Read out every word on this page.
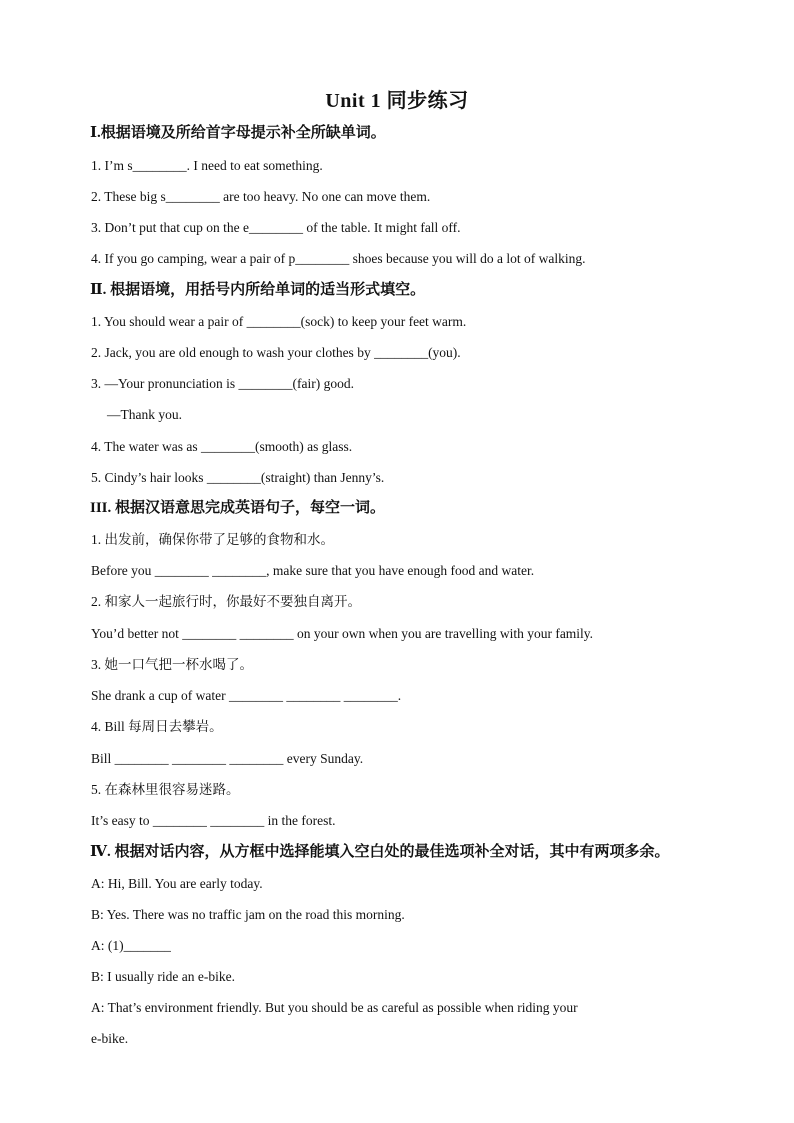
Unit 1 同步练习
Ⅰ.根据语境及所给首字母提示补全所缺单词。
1. I’m s________. I need to eat something.
2. These big s________ are too heavy. No one can move them.
3. Don’t put that cup on the e________ of the table. It might fall off.
4. If you go camping, wear a pair of p________ shoes because you will do a lot of walking.
Ⅱ. 根据语境，用括号内所给单词的适当形式填空。
1. You should wear a pair of ________(sock) to keep your feet warm.
2. Jack, you are old enough to wash your clothes by ________(you).
3. —Your pronunciation is ________(fair) good.
—Thank you.
4. The water was as ________(smooth) as glass.
5. Cindy’s hair looks ________(straight) than Jenny’s.
III. 根据汉语意思完成英语句子，每空一词。
1. 出发前，确保你带了足够的食物和水。
Before you ________ ________, make sure that you have enough food and water.
2. 和家人一起旅行时，你最好不要独自离开。
You’d better not ________ ________ on your own when you are travelling with your family.
3. 她一口气把一杯水喝了。
She drank a cup of water ________ ________ ________.
4. Bill 每周日去攀岩。
Bill ________ ________ ________ every Sunday.
5. 在森林里很容易迷路。
It’s easy to ________ ________ in the forest.
Ⅳ. 根据对话内容，从方框中选择能填入空白处的最佳选项补全对话，其中有两项多余。
A: Hi, Bill. You are early today.
B: Yes. There was no traffic jam on the road this morning.
A: (1)_______
B: I usually ride an e-bike.
A: That’s environment friendly. But you should be as careful as possible when riding your
e-bike.
